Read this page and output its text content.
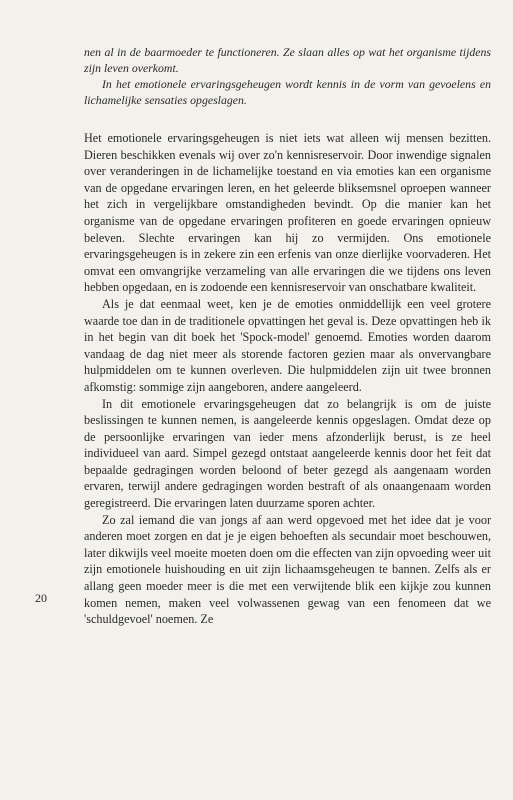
nen al in de baarmoeder te functioneren. Ze slaan alles op wat het organisme tijdens zijn leven overkomt.

In het emotionele ervaringsgeheugen wordt kennis in de vorm van gevoelens en lichamelijke sensaties opgeslagen.

Het emotionele ervaringsgeheugen is niet iets wat alleen wij mensen bezitten. Dieren beschikken evenals wij over zo'n kennisreservoir. Door inwendige signalen over veranderingen in de lichamelijke toestand en via emoties kan een organisme van de opgedane ervaringen leren, en het geleerde bliksemsnel oproepen wanneer het zich in vergelijkbare omstandigheden bevindt. Op die manier kan het organisme van de opgedane ervaringen profiteren en goede ervaringen opnieuw beleven. Slechte ervaringen kan hij zo vermijden. Ons emotionele ervaringsgeheugen is in zekere zin een erfenis van onze dierlijke voorvaderen. Het omvat een omvangrijke verzameling van alle ervaringen die we tijdens ons leven hebben opgedaan, en is zodoende een kennisreservoir van onschatbare kwaliteit.

Als je dat eenmaal weet, ken je de emoties onmiddellijk een veel grotere waarde toe dan in de traditionele opvattingen het geval is. Deze opvattingen heb ik in het begin van dit boek het 'Spock-model' genoemd. Emoties worden daarom vandaag de dag niet meer als storende factoren gezien maar als onvervangbare hulpmiddelen om te kunnen overleven. Die hulpmiddelen zijn uit twee bronnen afkomstig: sommige zijn aangeboren, andere aangeleerd.

In dit emotionele ervaringsgeheugen dat zo belangrijk is om de juiste beslissingen te kunnen nemen, is aangeleerde kennis opgeslagen. Omdat deze op de persoonlijke ervaringen van ieder mens afzonderlijk berust, is ze heel individueel van aard. Simpel gezegd ontstaat aangeleerde kennis door het feit dat bepaalde gedragingen worden beloond of beter gezegd als aangenaam worden ervaren, terwijl andere gedragingen worden bestraft of als onaangenaam worden geregistreerd. Die ervaringen laten duurzame sporen achter.

Zo zal iemand die van jongs af aan werd opgevoed met het idee dat je voor anderen moet zorgen en dat je je eigen behoeften als secundair moet beschouwen, later dikwijls veel moeite moeten doen om die effecten van zijn opvoeding weer uit zijn emotionele huishouding en uit zijn lichaamsgeheugen te bannen. Zelfs als er allang geen moeder meer is die met een verwijtende blik een kijkje zou kunnen komen nemen, maken veel volwassenen gewag van een fenomeen dat we 'schuldgevoel' noemen. Ze

20
